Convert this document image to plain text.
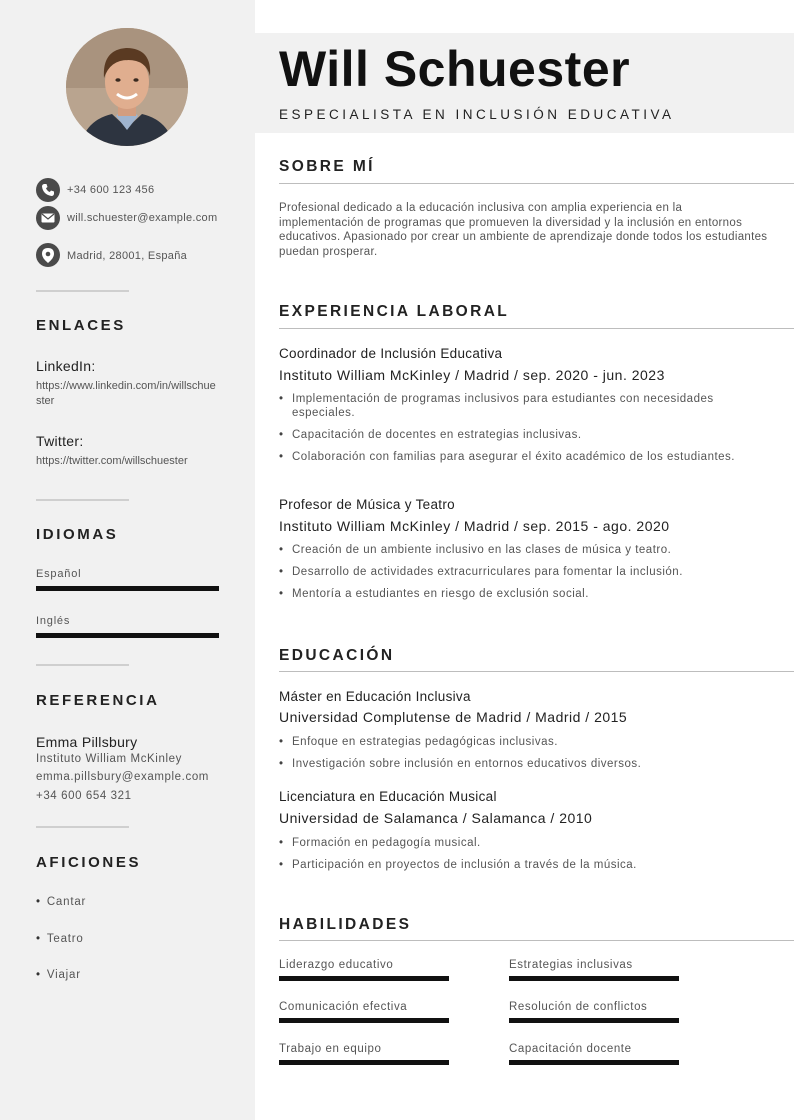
+34 600 123 456
will.schuester@example.com
Madrid, 28001, España
ENLACES
LinkedIn:
https://www.linkedin.com/in/willschuester
Twitter:
https://twitter.com/willschuester
IDIOMAS
Español
Inglés
REFERENCIA
Emma Pillsbury
Instituto William McKinley
emma.pillsbury@example.com
+34 600 654 321
AFICIONES
• Cantar
• Teatro
• Viajar
Will Schuester
ESPECIALISTA EN INCLUSIÓN EDUCATIVA
SOBRE MÍ
Profesional dedicado a la educación inclusiva con amplia experiencia en la implementación de programas que promueven la diversidad y la inclusión en entornos educativos. Apasionado por crear un ambiente de aprendizaje donde todos los estudiantes puedan prosperar.
EXPERIENCIA LABORAL
Coordinador de Inclusión Educativa
Instituto William McKinley / Madrid / sep. 2020 - jun. 2023
• Implementación de programas inclusivos para estudiantes con necesidades especiales.
• Capacitación de docentes en estrategias inclusivas.
• Colaboración con familias para asegurar el éxito académico de los estudiantes.
Profesor de Música y Teatro
Instituto William McKinley / Madrid / sep. 2015 - ago. 2020
• Creación de un ambiente inclusivo en las clases de música y teatro.
• Desarrollo de actividades extracurriculares para fomentar la inclusión.
• Mentoría a estudiantes en riesgo de exclusión social.
EDUCACIÓN
Máster en Educación Inclusiva
Universidad Complutense de Madrid / Madrid / 2015
• Enfoque en estrategias pedagógicas inclusivas.
• Investigación sobre inclusión en entornos educativos diversos.
Licenciatura en Educación Musical
Universidad de Salamanca / Salamanca / 2010
• Formación en pedagogía musical.
• Participación en proyectos de inclusión a través de la música.
HABILIDADES
Liderazgo educativo	Estrategias inclusivas
Comunicación efectiva	Resolución de conflictos
Trabajo en equipo	Capacitación docente
